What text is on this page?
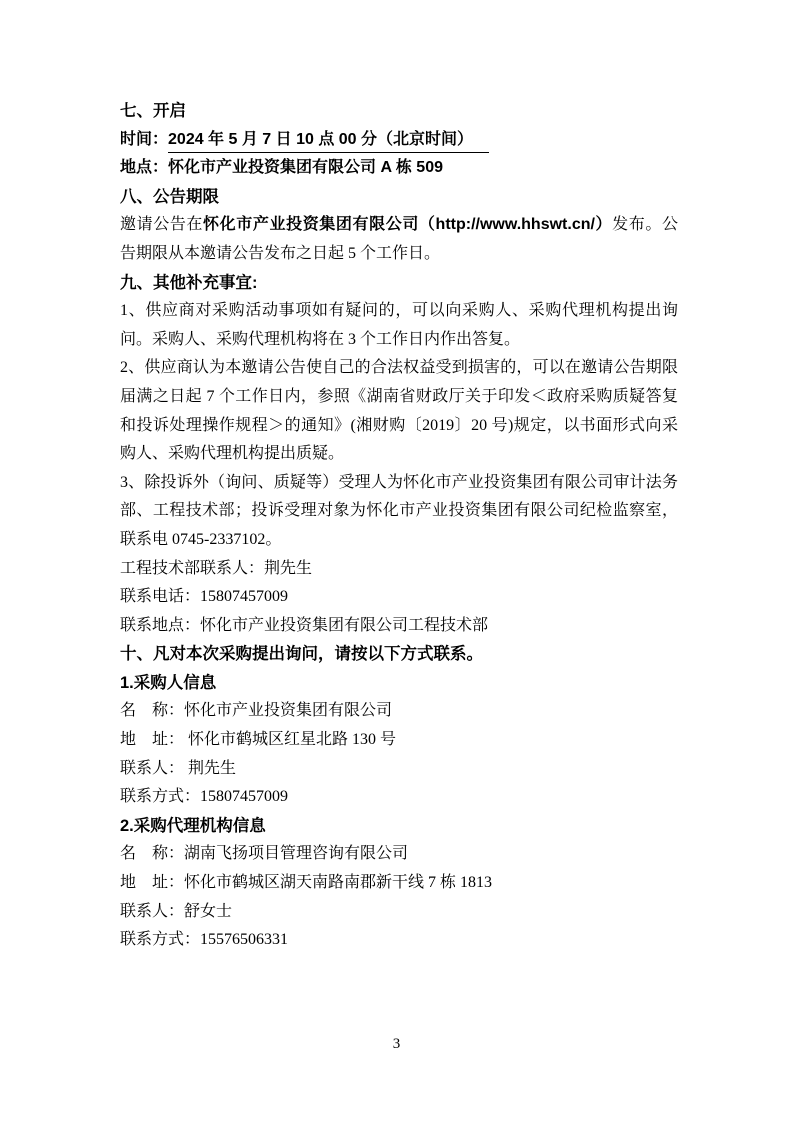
七、开启

时间：2024 年 5 月 7 日 10 点 00 分（北京时间）

地点：怀化市产业投资集团有限公司 A 栋 509

八、公告期限

邀请公告在怀化市产业投资集团有限公司（http://www.hhswt.cn/）发布。公告期限从本邀请公告发布之日起 5 个工作日。

九、其他补充事宜:

1、供应商对采购活动事项如有疑问的，可以向采购人、采购代理机构提出询问。采购人、采购代理机构将在 3 个工作日内作出答复。

2、供应商认为本邀请公告使自己的合法权益受到损害的，可以在邀请公告期限届满之日起 7 个工作日内，参照《湖南省财政厅关于印发＜政府采购质疑答复和投诉处理操作规程＞的通知》(湘财购〔2019〕20 号)规定，以书面形式向采购人、采购代理机构提出质疑。

3、除投诉外（询问、质疑等）受理人为怀化市产业投资集团有限公司审计法务部、工程技术部；投诉受理对象为怀化市产业投资集团有限公司纪检监察室，联系电 0745-2337102。

工程技术部联系人：荆先生

联系电话：15807457009

联系地点：怀化市产业投资集团有限公司工程技术部

十、凡对本次采购提出询问，请按以下方式联系。

1.采购人信息

名　称：怀化市产业投资集团有限公司

地　址： 怀化市鹤城区红星北路 130 号

联系人： 荆先生

联系方式：15807457009

2.采购代理机构信息

名　称：湖南飞扬项目管理咨询有限公司

地　址：怀化市鹤城区湖天南路南郡新干线 7 栋 1813

联系人：舒女士

联系方式：15576506331

3
